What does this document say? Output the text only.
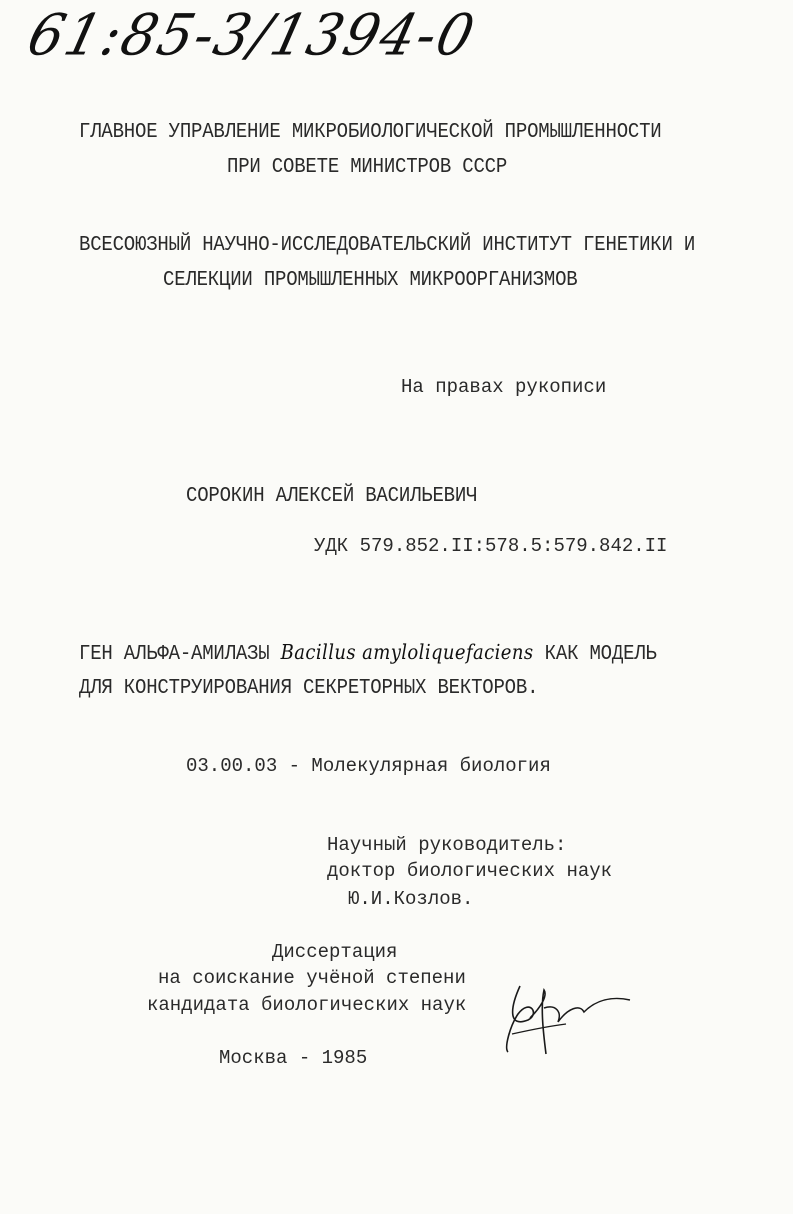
61:85-3/1394-0
ГЛАВНОЕ УПРАВЛЕНИЕ МИКРОБИОЛОГИЧЕСКОЙ ПРОМЫШЛЕННОСТИ
ПРИ СОВЕТЕ МИНИСТРОВ СССР
ВСЕСОЮЗНЫЙ НАУЧНО-ИССЛЕДОВАТЕЛЬСКИЙ ИНСТИТУТ ГЕНЕТИКИ И
СЕЛЕКЦИИ ПРОМЫШЛЕННЫХ МИКРООРГАНИЗМОВ
На правах рукописи
СОРОКИН АЛЕКСЕЙ ВАСИЛЬЕВИЧ
УДК 579.852.II:578.5:579.842.II
ГЕН АЛЬФА-АМИЛАЗЫ Bacillus amyloliquefaciens КАК МОДЕЛЬ
ДЛЯ КОНСТРУИРОВАНИЯ СЕКРЕТОРНЫХ ВЕКТОРОВ.
03.00.03 - Молекулярная биология
Научный руководитель:
доктор биологических наук
Ю.И.Козлов.
Диссертация
на соискание учёной степени
кандидата биологических наук
Москва - 1985
